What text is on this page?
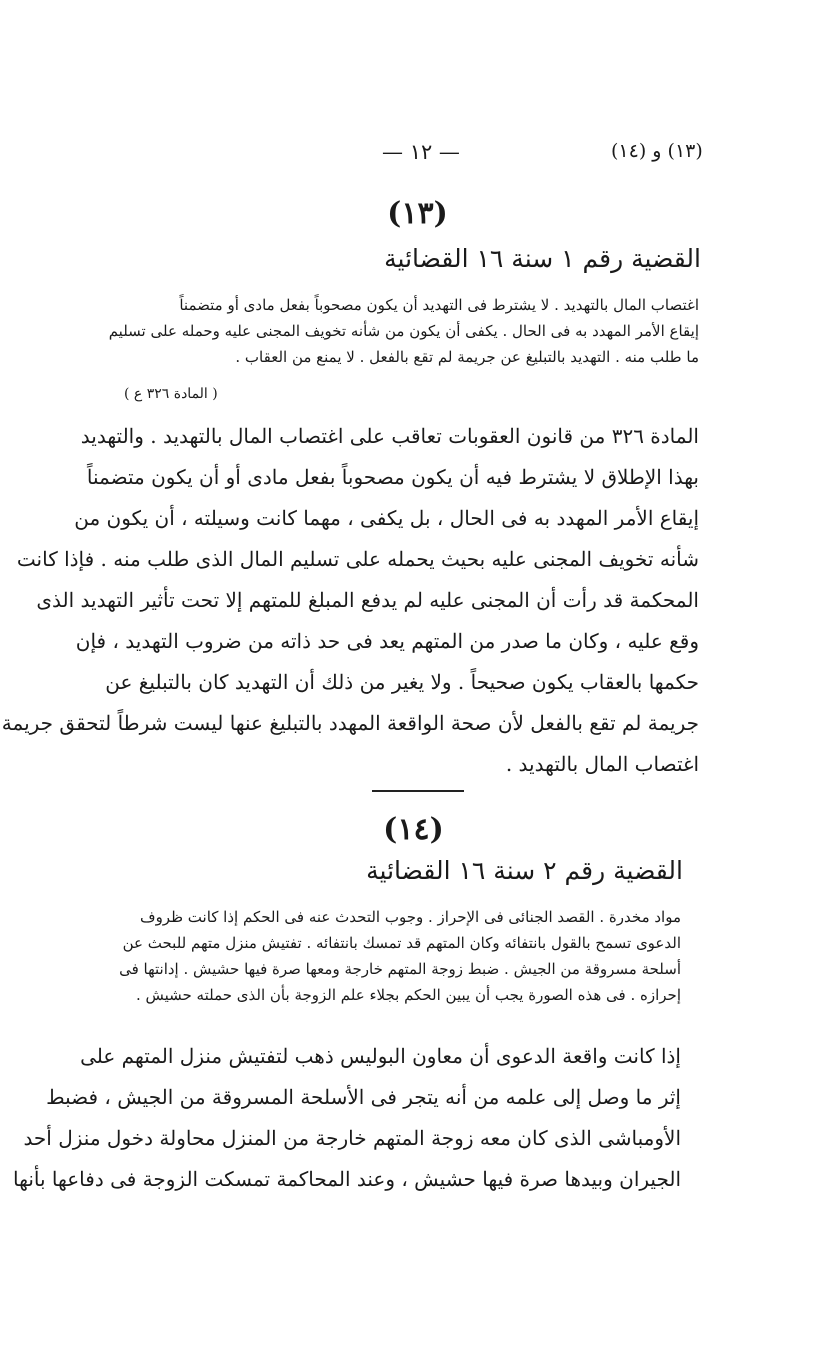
(١٣) و (١٤)
— ١٢ —
(١٣)
القضية رقم ١ سنة ١٦ القضائية
اغتصاب المال بالتهديد . لا يشترط فى التهديد أن يكون مصحوباً بفعل مادى أو متضمناً
إيقاع الأمر المهدد به فى الحال . يكفى أن يكون من شأنه تخويف المجنى عليه وحمله على تسليم
ما طلب منه . التهديد بالتبليغ عن جريمة لم تقع بالفعل . لا يمنع من العقاب .
( المادة ٣٢٦ ع )
المادة ٣٢٦ من قانون العقوبات تعاقب على اغتصاب المال بالتهديد . والتهديد
بهذا الإطلاق لا يشترط فيه أن يكون مصحوباً بفعل مادى أو أن يكون متضمناً
إيقاع الأمر المهدد به فى الحال ، بل يكفى ، مهما كانت وسيلته ، أن يكون من
شأنه تخويف المجنى عليه بحيث يحمله على تسليم المال الذى طلب منه . فإذا كانت
المحكمة قد رأت أن المجنى عليه لم يدفع المبلغ للمتهم إلا تحت تأثير التهديد الذى
وقع عليه ، وكان ما صدر من المتهم يعد فى حد ذاته من ضروب التهديد ، فإن
حكمها بالعقاب يكون صحيحاً . ولا يغير من ذلك أن التهديد كان بالتبليغ عن
جريمة لم تقع بالفعل لأن صحة الواقعة المهدد بالتبليغ عنها ليست شرطاً لتحقق جريمة
اغتصاب المال بالتهديد .
(١٤)
القضية رقم ٢ سنة ١٦ القضائية
مواد مخدرة . القصد الجنائى فى الإحراز . وجوب التحدث عنه فى الحكم إذا كانت ظروف
الدعوى تسمح بالقول بانتفائه وكان المتهم قد تمسك بانتفائه . تفتيش منزل متهم للبحث عن
أسلحة مسروقة من الجيش . ضبط زوجة المتهم خارجة ومعها صرة فيها حشيش . إدانتها فى
إحرازه . فى هذه الصورة يجب أن يبين الحكم بجلاء علم الزوجة بأن الذى حملته حشيش .
إذا كانت واقعة الدعوى أن معاون البوليس ذهب لتفتيش منزل المتهم على
إثر ما وصل إلى علمه من أنه يتجر فى الأسلحة المسروقة من الجيش ، فضبط
الأومباشى الذى كان معه زوجة المتهم خارجة من المنزل محاولة دخول منزل أحد
الجيران وبيدها صرة فيها حشيش ، وعند المحاكمة تمسكت الزوجة فى دفاعها بأنها
